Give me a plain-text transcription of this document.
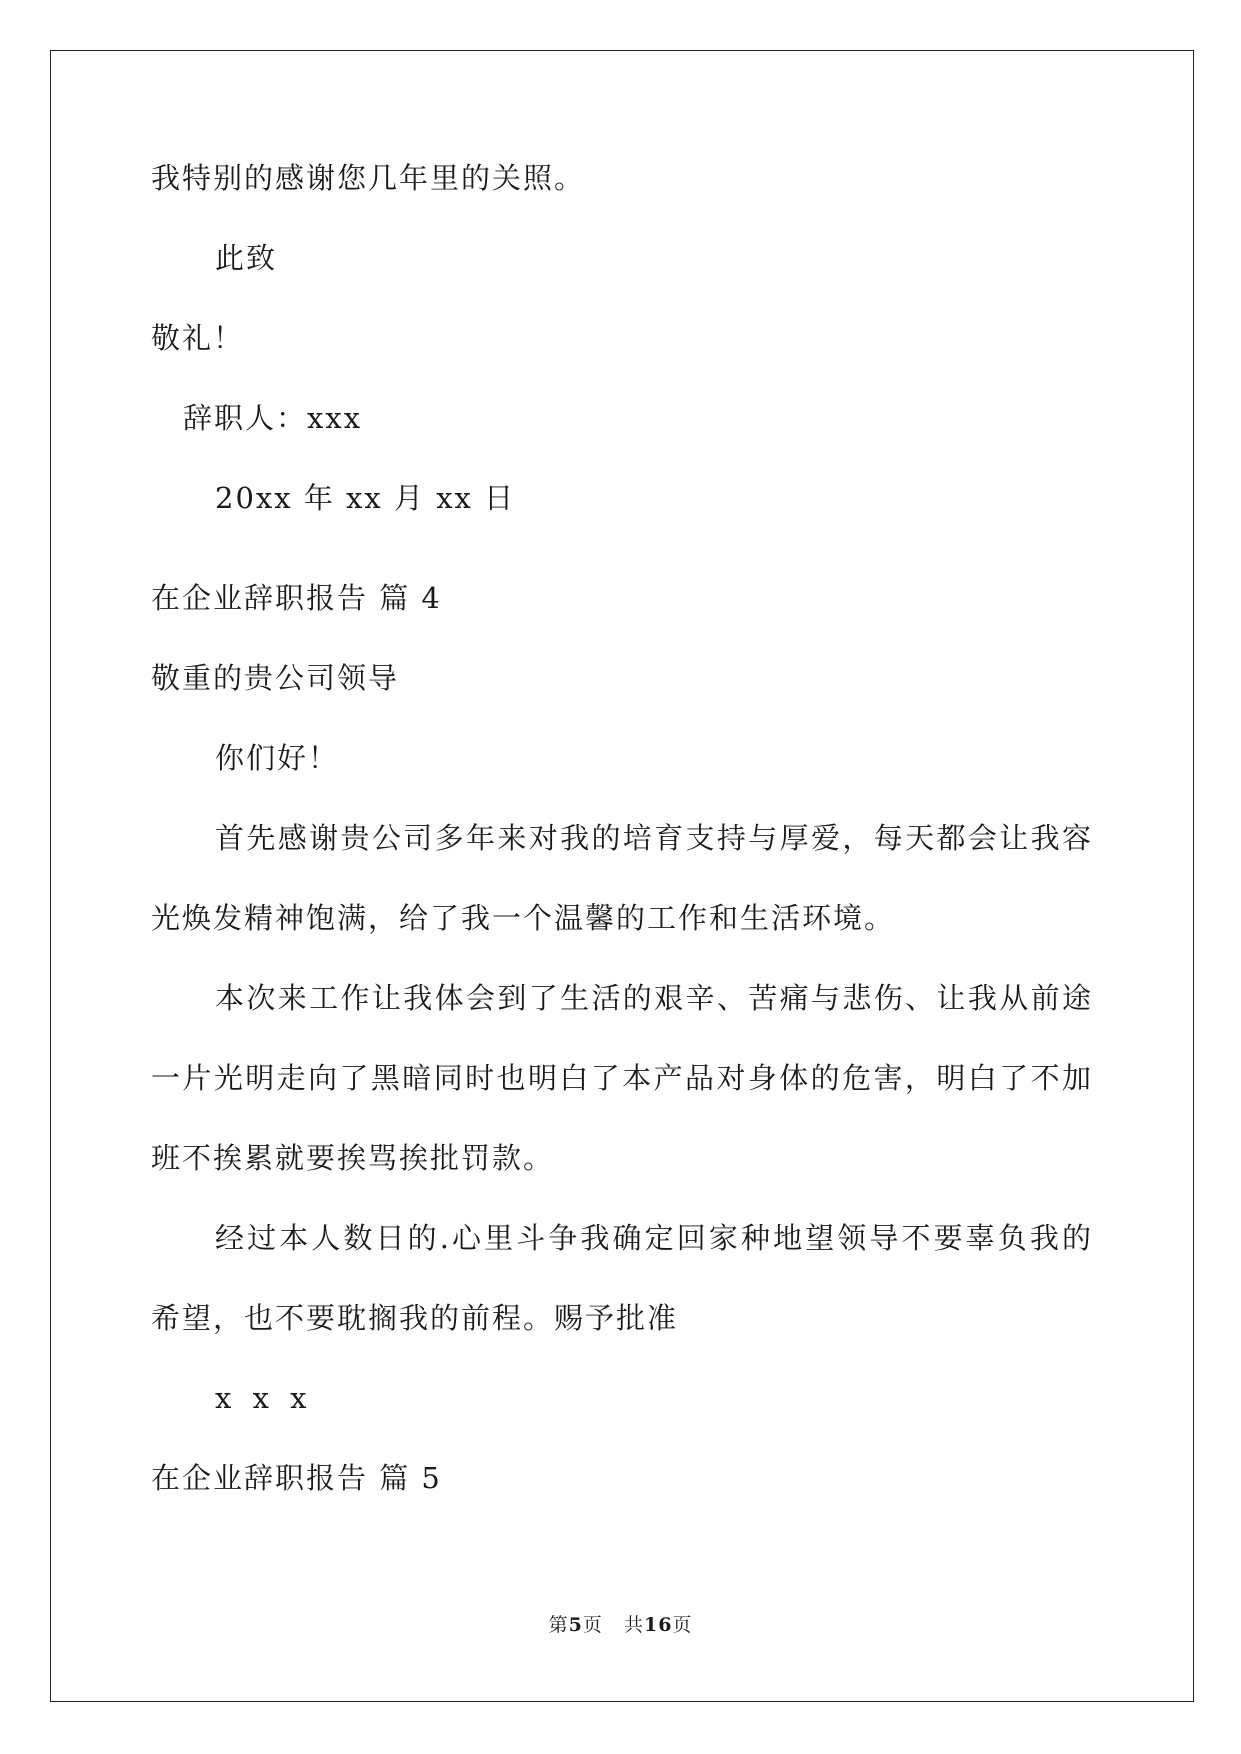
我特别的感谢您几年里的关照。
此致
敬礼！
辞职人：xxx
20xx 年 xx 月 xx 日
在企业辞职报告 篇 4
敬重的贵公司领导
你们好！
首先感谢贵公司多年来对我的培育支持与厚爱，每天都会让我容
光焕发精神饱满，给了我一个温馨的工作和生活环境。
本次来工作让我体会到了生活的艰辛、苦痛与悲伤、让我从前途
一片光明走向了黑暗同时也明白了本产品对身体的危害，明白了不加
班不挨累就要挨骂挨批罚款。
经过本人数日的.心里斗争我确定回家种地望领导不要辜负我的
希望，也不要耽搁我的前程。赐予批准
x x x
在企业辞职报告 篇 5
第5页 共16页
